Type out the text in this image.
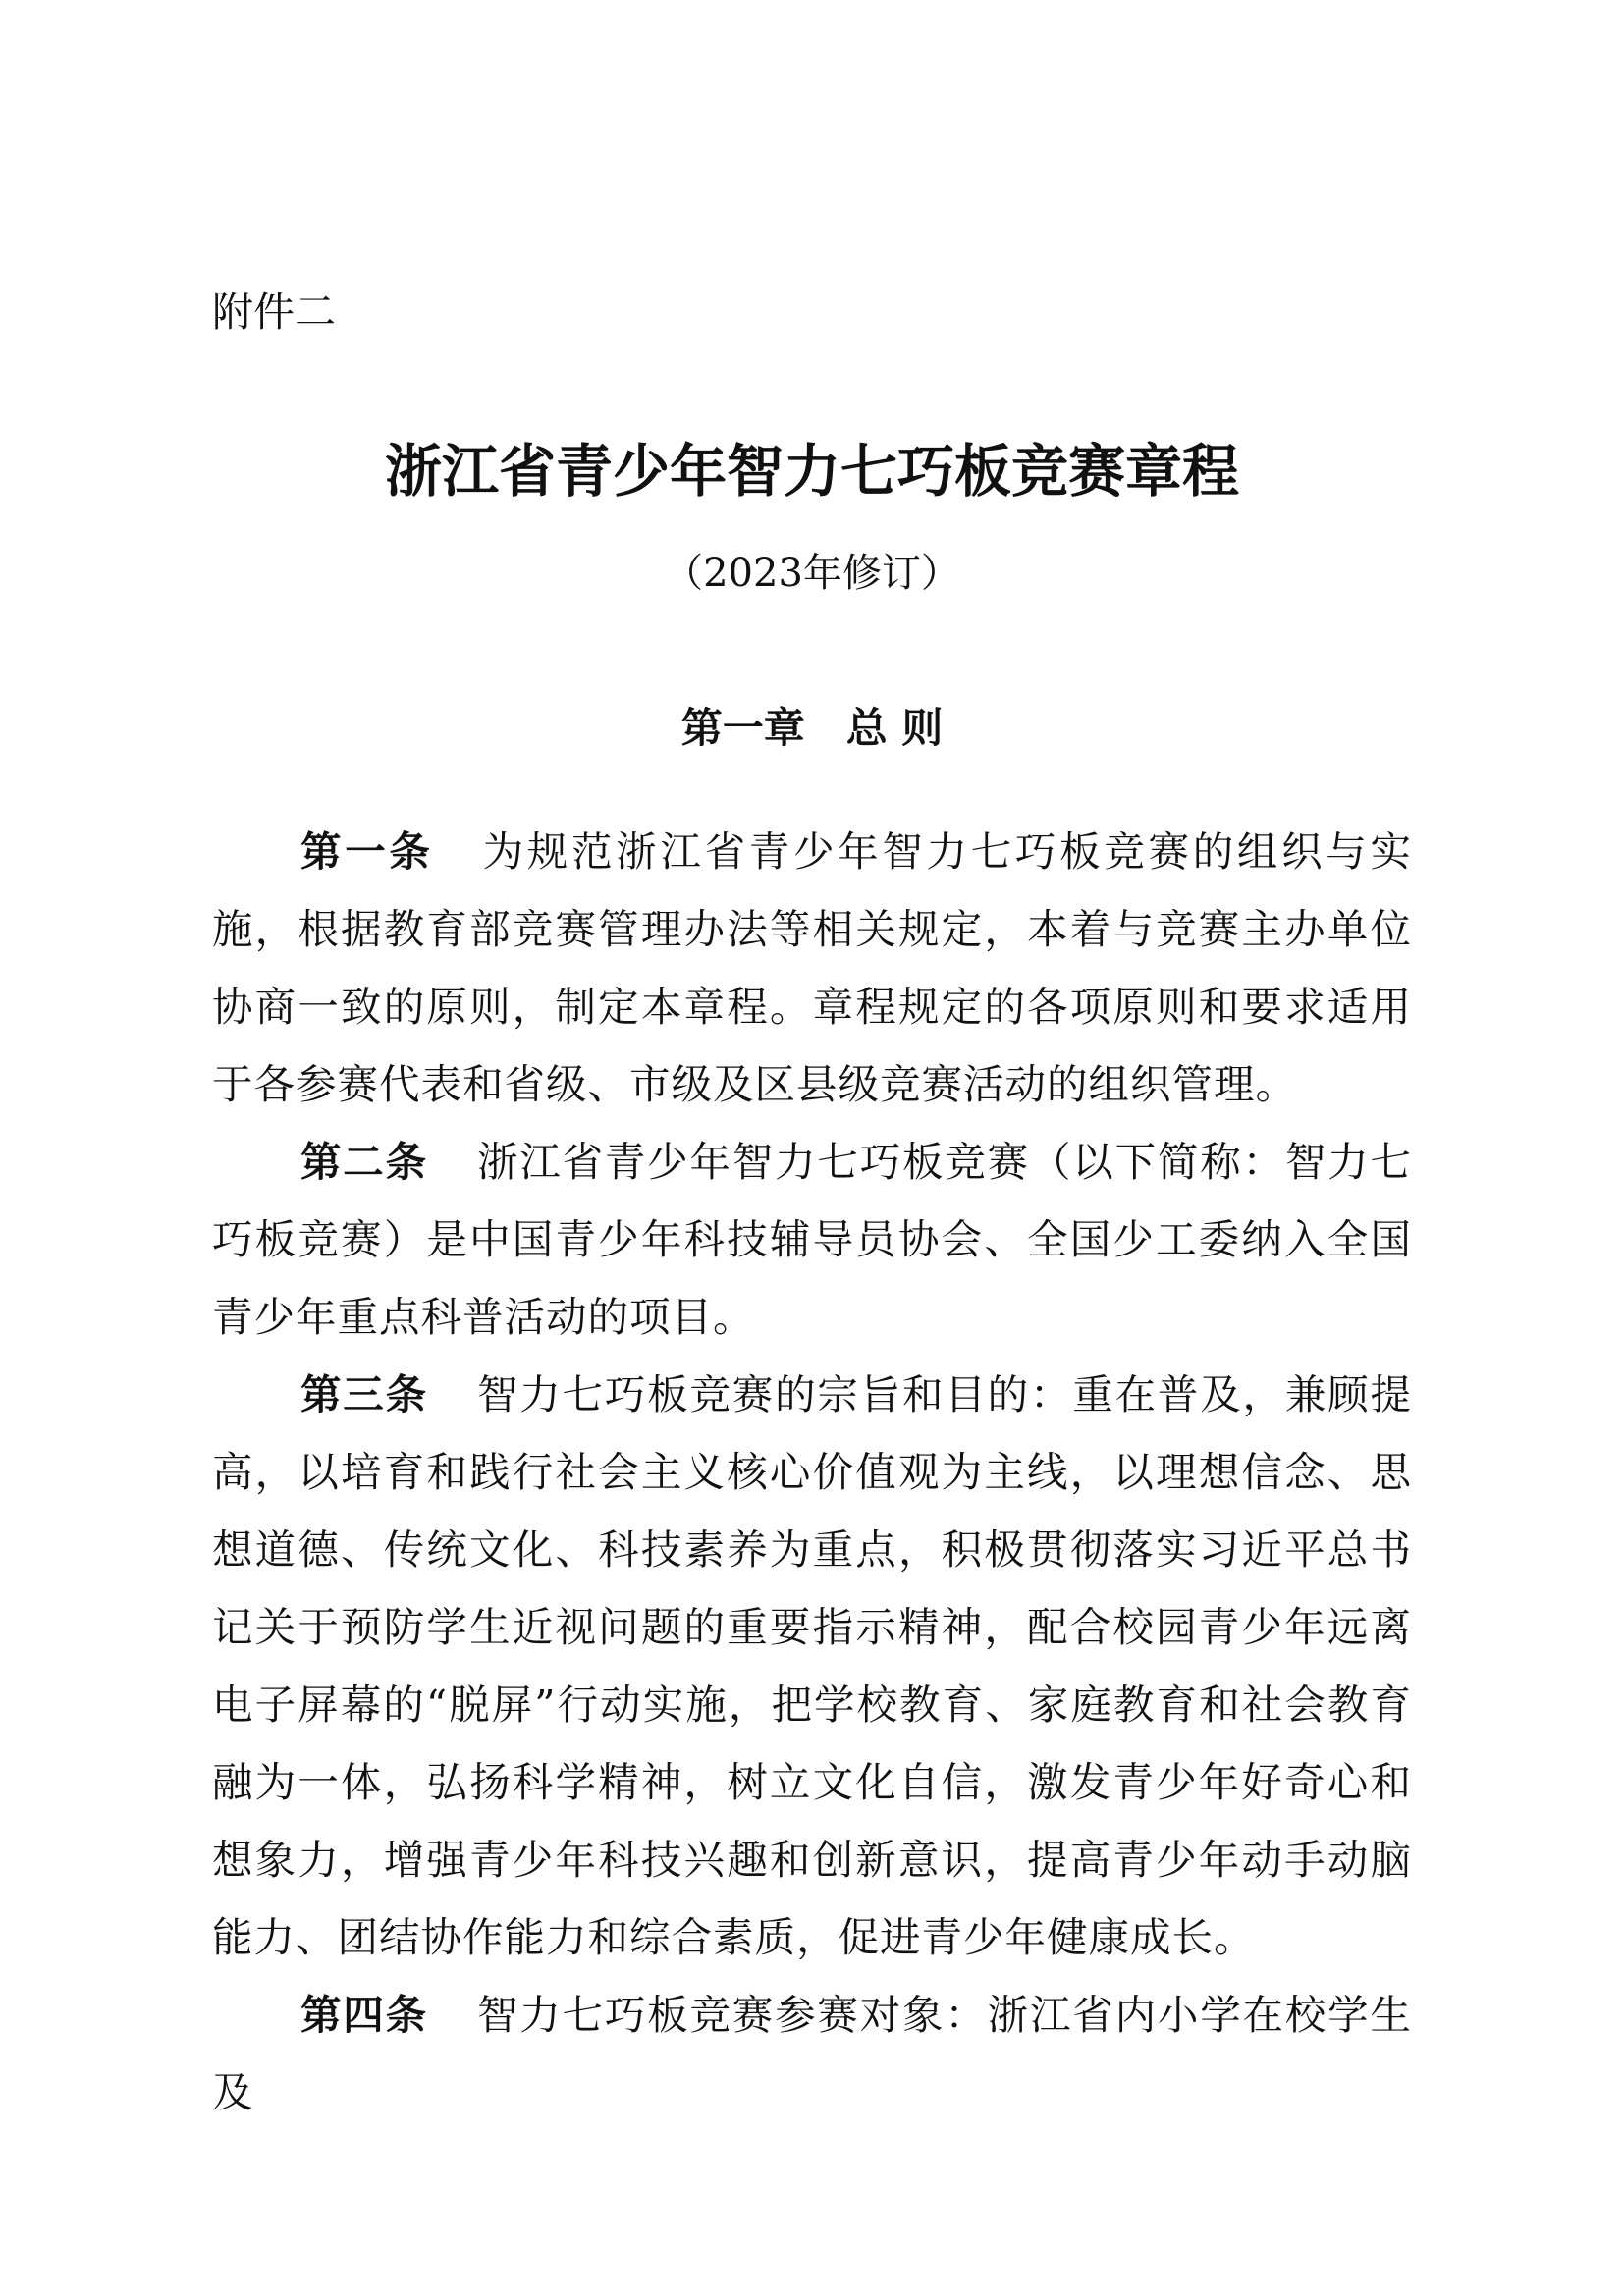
附件二
浙江省青少年智力七巧板竞赛章程
（2023年修订）
第一章　总 则

第一条 为规范浙江省青少年智力七巧板竞赛的组织与实施，根据教育部竞赛管理办法等相关规定，本着与竞赛主办单位协商一致的原则，制定本章程。章程规定的各项原则和要求适用于各参赛代表和省级、市级及区县级竞赛活动的组织管理。

第二条 浙江省青少年智力七巧板竞赛（以下简称：智力七巧板竞赛）是中国青少年科技辅导员协会、全国少工委纳入全国青少年重点科普活动的项目。

第三条 智力七巧板竞赛的宗旨和目的：重在普及，兼顾提高，以培育和践行社会主义核心价值观为主线，以理想信念、思想道德、传统文化、科技素养为重点，积极贯彻落实习近平总书记关于预防学生近视问题的重要指示精神，配合校园青少年远离电子屏幕的“脱屏”行动实施，把学校教育、家庭教育和社会教育融为一体，弘扬科学精神，树立文化自信，激发青少年好奇心和想象力，增强青少年科技兴趣和创新意识，提高青少年动手动脑能力、团结协作能力和综合素质，促进青少年健康成长。

第四条 智力七巧板竞赛参赛对象：浙江省内小学在校学生及
